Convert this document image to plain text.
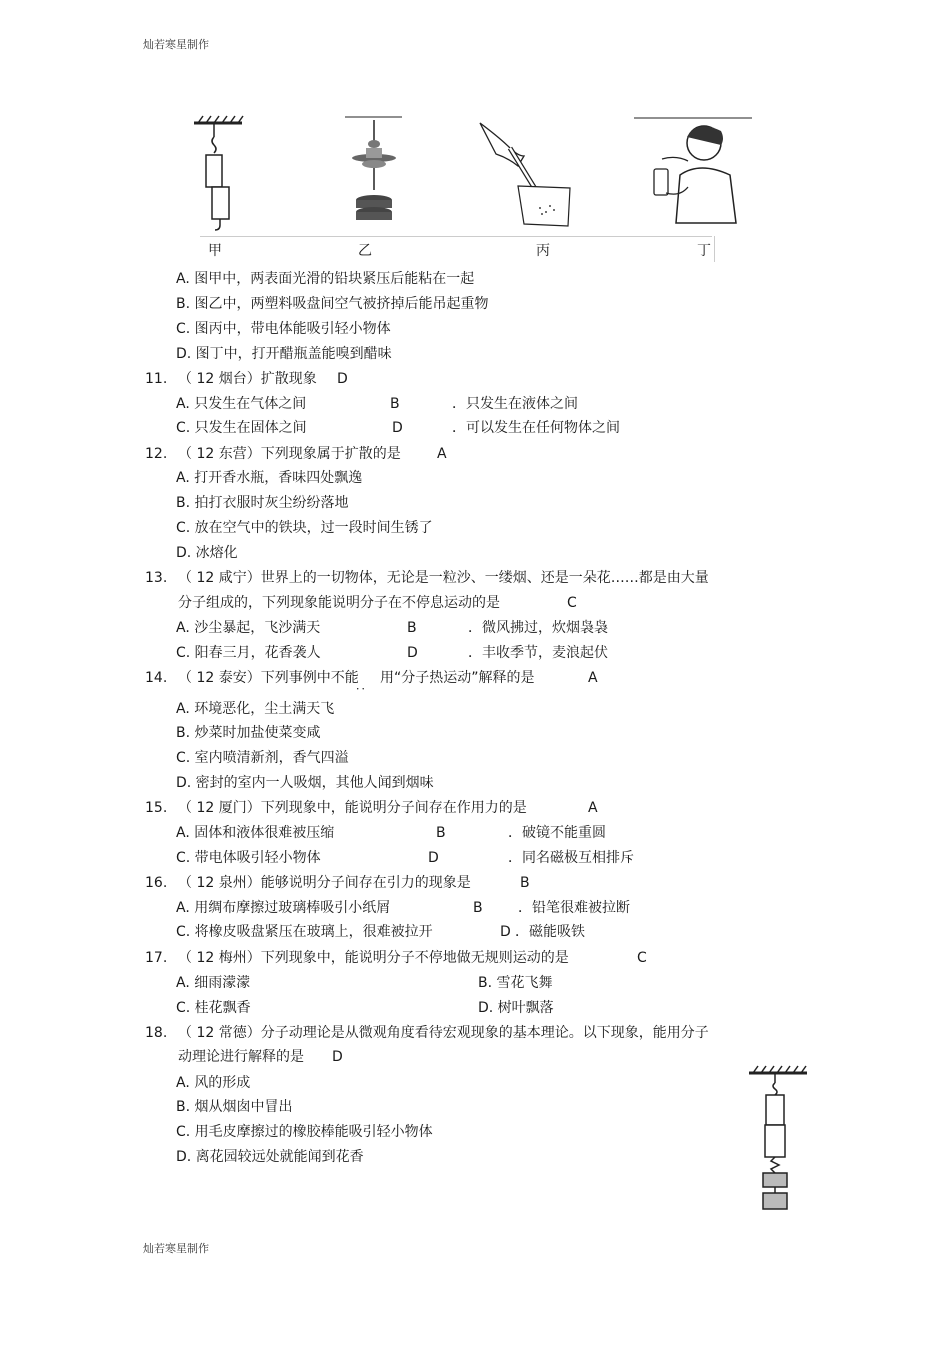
灿若寒星制作
甲	乙	丙	丁
A. 图甲中，两表面光滑的铅块紧压后能粘在一起
B. 图乙中，两塑料吸盘间空气被挤掉后能吊起重物
C. 图丙中，带电体能吸引轻小物体
D. 图丁中，打开醋瓶盖能嗅到醋味
11. （ 12 烟台）扩散现象 D
A. 只发生在气体之间	B	．只发生在液体之间
C. 只发生在固体之间	D	．可以发生在任何物体之间
12. （ 12 东营）下列现象属于扩散的是	A
A. 打开香水瓶，香味四处飘逸
B. 拍打衣服时灰尘纷纷落地
C. 放在空气中的铁块，过一段时间生锈了
D. 冰熔化
13. （ 12 咸宁）世界上的一切物体，无论是一粒沙、一缕烟、还是一朵花……都是由大量
分子组成的，下列现象能说明分子在不停息运动的是	C
A. 沙尘暴起，飞沙满天	B	．微风拂过，炊烟袅袅
C. 阳春三月，花香袭人	D	．丰收季节，麦浪起伏
14. （ 12 泰安）下列事例中不能
．． 用“分子热运动”解释的是	A
A. 环境恶化，尘土满天飞
B. 炒菜时加盐使菜变咸
C. 室内喷清新剂，香气四溢
D. 密封的室内一人吸烟，其他人闻到烟味
15. （ 12 厦门）下列现象中，能说明分子间存在作用力的是	A
A. 固体和液体很难被压缩	B	．破镜不能重圆
C. 带电体吸引轻小物体	D	．同名磁极互相排斥
16. （ 12 泉州）能够说明分子间存在引力的现象是	B
A. 用绸布摩擦过玻璃棒吸引小纸屑	B	．铅笔很难被拉断
C. 将橡皮吸盘紧压在玻璃上，很难被拉开	D ．磁能吸铁
17. （ 12 梅州）下列现象中，能说明分子不停地做无规则运动的是	C
A. 细雨濛濛	B. 雪花飞舞
C. 桂花飘香	D. 树叶飘落
18. （ 12 常德）分子动理论是从微观角度看待宏观现象的基本理论。以下现象，能用分子
动理论进行解释的是 D
A. 风的形成
B. 烟从烟囱中冒出
C. 用毛皮摩擦过的橡胶棒能吸引轻小物体
D. 离花园较远处就能闻到花香
灿若寒星制作
